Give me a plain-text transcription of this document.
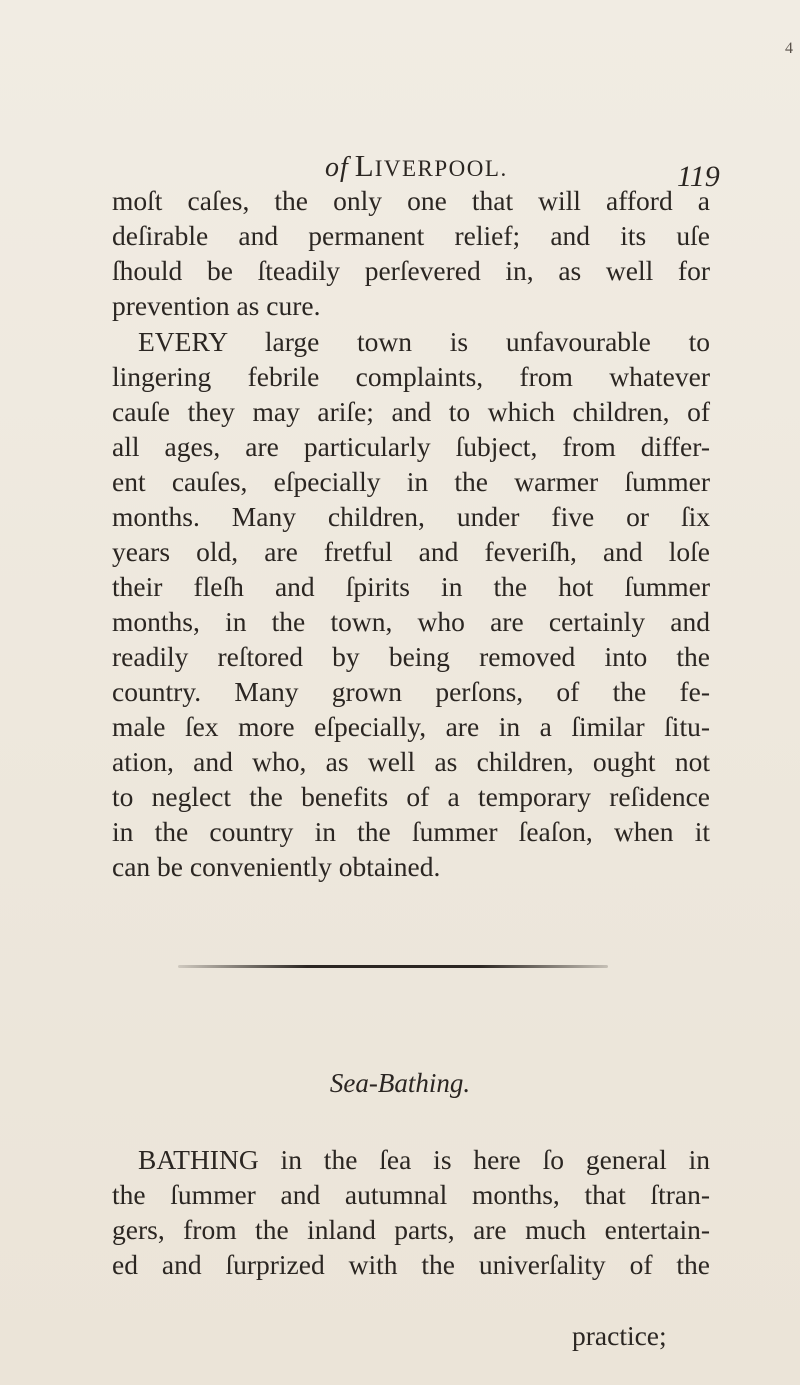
4
of LIVERPOOL.	119
moſt caſes, the only one that will afford a
deſirable and permanent relief; and its uſe
ſhould be ſteadily perſevered in, as well for
prevention as cure.
EVERY large town is unfavourable to
lingering febrile complaints, from whatever
cauſe they may ariſe; and to which children, of
all ages, are particularly ſubject, from differ-
ent cauſes, eſpecially in the warmer ſummer
months. Many children, under five or ſix
years old, are fretful and feveriſh, and loſe
their fleſh and ſpirits in the hot ſummer
months, in the town, who are certainly and
readily reſtored by being removed into the
country. Many grown perſons, of the fe-
male ſex more eſpecially, are in a ſimilar ſitu-
ation, and who, as well as children, ought not
to neglect the benefits of a temporary reſidence
in the country in the ſummer ſeaſon, when it
can be conveniently obtained.
Sea-Bathing.
BATHING in the ſea is here ſo general in
the ſummer and autumnal months, that ſtran-
gers, from the inland parts, are much entertain-
ed and ſurprized with the univerſality of the
practice;
